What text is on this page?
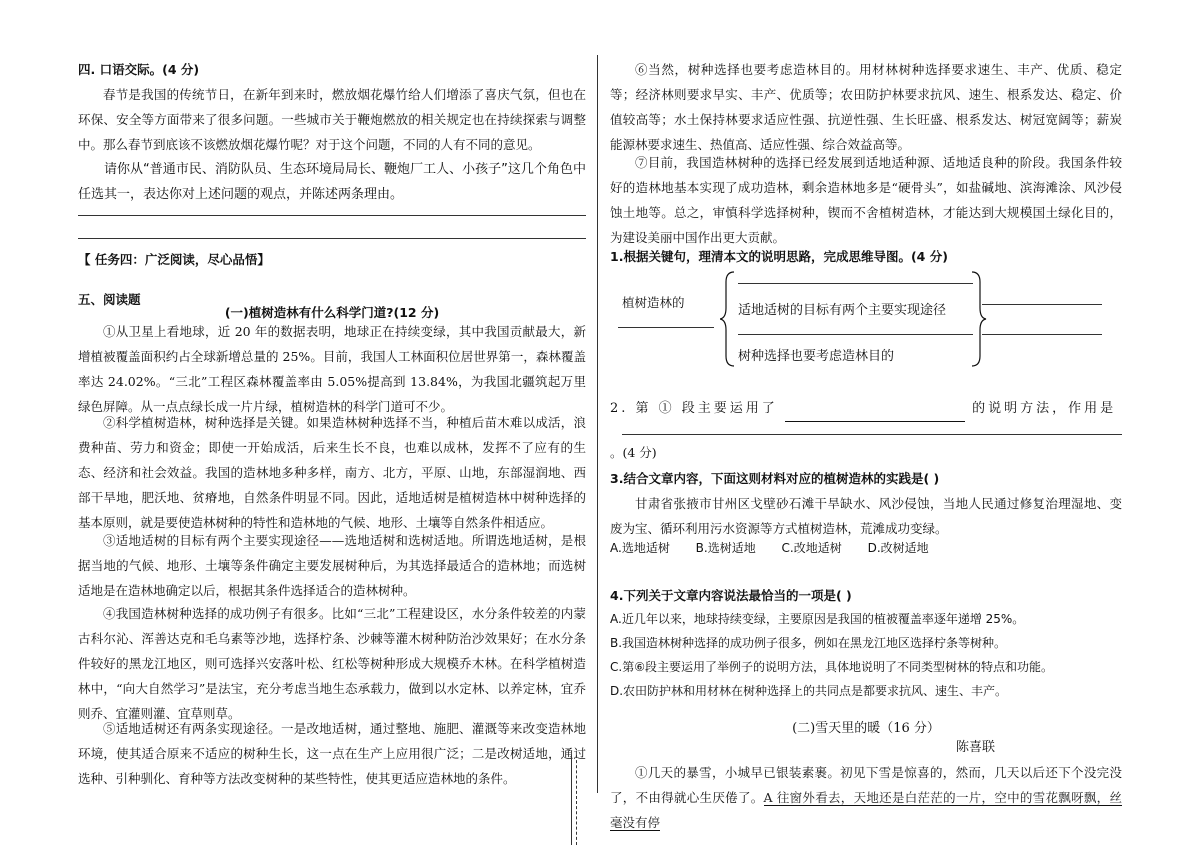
四. 口语交际。(4 分)
春节是我国的传统节日，在新年到来时，燃放烟花爆竹给人们增添了喜庆气氛，但也在环保、安全等方面带来了很多问题。一些城市关于鞭炮燃放的相关规定也在持续探索与调整中。那么春节到底该不该燃放烟花爆竹呢？对于这个问题，不同的人有不同的意见。
请你从“普通市民、消防队员、生态环境局局长、鞭炮厂工人、小孩子”这几个角色中任选其一，表达你对上述问题的观点，并陈述两条理由。
【 任务四：广泛阅读，尽心品悟】
五、阅读题
(一)植树造林有什么科学门道?(12 分)
①从卫星上看地球，近 20 年的数据表明，地球正在持续变绿，其中我国贡献最大，新增植被覆盖面积约占全球新增总量的 25%。目前，我国人工林面积位居世界第一，森林覆盖率达 24.02%。“三北”工程区森林覆盖率由 5.05%提高到 13.84%，为我国北疆筑起万里绿色屏障。从一点点绿长成一片片绿，植树造林的科学门道可不少。
②科学植树造林，树种选择是关键。如果造林树种选择不当，种植后苗木难以成活，浪费种苗、劳力和资金；即使一开始成活，后来生长不良，也难以成林，发挥不了应有的生态、经济和社会效益。我国的造林地多种多样，南方、北方，平原、山地，东部湿润地、西部干旱地，肥沃地、贫瘠地，自然条件明显不同。因此，适地适树是植树造林中树种选择的基本原则，就是要使造林树种的特性和造林地的气候、地形、土壤等自然条件相适应。
③适地适树的目标有两个主要实现途径——选地适树和选树适地。所谓选地适树，是根据当地的气候、地形、土壤等条件确定主要发展树种后，为其选择最适合的造林地；而选树适地是在造林地确定以后，根据其条件选择适合的造林树种。
④我国造林树种选择的成功例子有很多。比如“三北”工程建设区，水分条件较差的内蒙古科尔沁、浑善达克和毛乌素等沙地，选择柠条、沙棘等灌木树种防治沙效果好；在水分条件较好的黑龙江地区，则可选择兴安落叶松、红松等树种形成大规模乔木林。在科学植树造林中，“向大自然学习”是法宝，充分考虑当地生态承载力，做到以水定林、以养定林，宜乔则乔、宜灌则灌、宜草则草。
⑤适地适树还有两条实现途径。一是改地适树，通过整地、施肥、灌溉等来改变造林地环境，使其适合原来不适应的树种生长，这一点在生产上应用很广泛；二是改树适地，通过选种、引种驯化、育种等方法改变树种的某些特性，使其更适应造林地的条件。
⑥当然，树种选择也要考虑造林目的。用材林树种选择要求速生、丰产、优质、稳定等；经济林则要求早实、丰产、优质等；农田防护林要求抗风、速生、根系发达、稳定、价值较高等；水土保持林要求适应性强、抗逆性强、生长旺盛、根系发达、树冠宽阔等；薪炭能源林要求速生、热值高、适应性强、综合效益高等。
⑦目前，我国造林树种的选择已经发展到适地适种源、适地适良种的阶段。我国条件较好的造林地基本实现了成功造林，剩余造林地多是“硬骨头”，如盐碱地、滨海滩涂、风沙侵蚀土地等。总之，审慎科学选择树种，锲而不舍植树造林，才能达到大规模国土绿化目的，为建设美丽中国作出更大贡献。
1.根据关键句，理清本文的说明思路，完成思维导图。(4 分)
植树造林的
适地适树的目标有两个主要实现途径
树种选择也要考虑造林目的
2. 第 ① 段主要运用了	的说明方法，作用是
。(4 分)
3.结合文章内容，下面这则材料对应的植树造林的实践是( )
甘肃省张掖市甘州区戈壁砂石滩干旱缺水、风沙侵蚀，当地人民通过修复治理湿地、变废为宝、循环利用污水资源等方式植树造林，荒滩成功变绿。
A.选地适树 B.选树适地 C.改地适树 D.改树适地
4.下列关于文章内容说法最恰当的一项是( )
A.近几年以来，地球持续变绿，主要原因是我国的植被覆盖率逐年递增 25%。
B.我国造林树种选择的成功例子很多，例如在黑龙江地区选择柠条等树种。
C.第⑥段主要运用了举例子的说明方法，具体地说明了不同类型树林的特点和功能。
D.农田防护林和用材林在树种选择上的共同点是都要求抗风、速生、丰产。
(二)雪天里的暖（16 分）
陈喜联
①几天的暴雪，小城早已银装素裹。初见下雪是惊喜的，然而，几天以后还下个没完没了，不由得就心生厌倦了。A 往窗外看去，天地还是白茫茫的一片，空中的雪花飘呀飘，丝毫没有停
